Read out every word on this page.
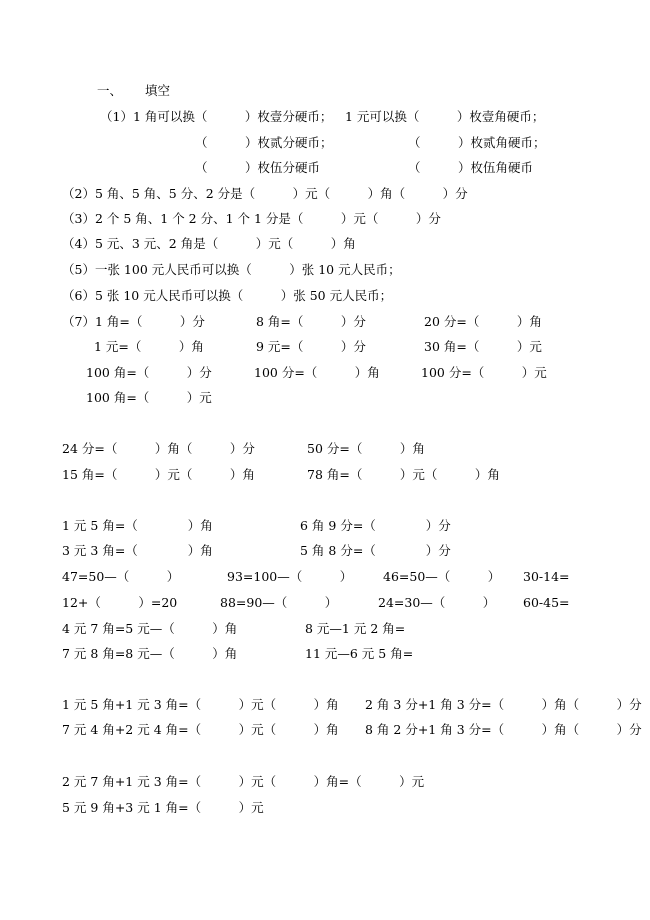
一、 填空
（1）1 角可以换（　　　）枚壹分硬币； 1 元可以换（　　　）枚壹角硬币；
（　　　）枚贰分硬币；	（　　　）枚贰角硬币；
（　　　）枚伍分硬币	（　　　）枚伍角硬币
（2）5 角、5 角、5 分、2 分是（　　　）元（　　　）角（　　　）分
（3）2 个 5 角、1 个 2 分、1 个 1 分是（　　　）元（　　　）分
（4）5 元、3 元、2 角是（　　　）元（　　　）角
（5）一张 100 元人民币可以换（　　　）张 10 元人民币；
（6）5 张 10 元人民币可以换（　　　）张 50 元人民币；
（7）1 角=（　　　）分	8 角=（　　　）分	20 分=（　　　）角
1 元=（　　　）角	9 元=（　　　）分	30 角=（　　　）元
100 角=（　　　）分	100 分=（　　　）角	100 分=（　　　）元
100 角=（　　　）元
24 分=（　　　）角（　　　）分	50 分=（　　　）角
15 角=（　　　）元（　　　）角	78 角=（　　　）元（　　　）角
1 元 5 角=（　　　　）角	6 角 9 分=（　　　　）分
3 元 3 角=（　　　　）角	5 角 8 分=（　　　　）分
47=50—（　　　）	93=100—（　　　） 46=50—（　　　） 30-14=
12+（　　　）=20	88=90—（　　　）	24=30—（　　　） 60-45=
4 元 7 角=5 元—（　　　）角	8 元—1 元 2 角=
7 元 8 角=8 元—（　　　）角	11 元—6 元 5 角=
1 元 5 角+1 元 3 角=（　　　）元（　　　）角 2 角 3 分+1 角 3 分=（　　　）角（　　　）分
7 元 4 角+2 元 4 角=（　　　）元（　　　）角 8 角 2 分+1 角 3 分=（　　　）角（　　　）分
2 元 7 角+1 元 3 角=（　　　）元（　　　）角=（　　　）元
5 元 9 角+3 元 1 角=（　　　）元
